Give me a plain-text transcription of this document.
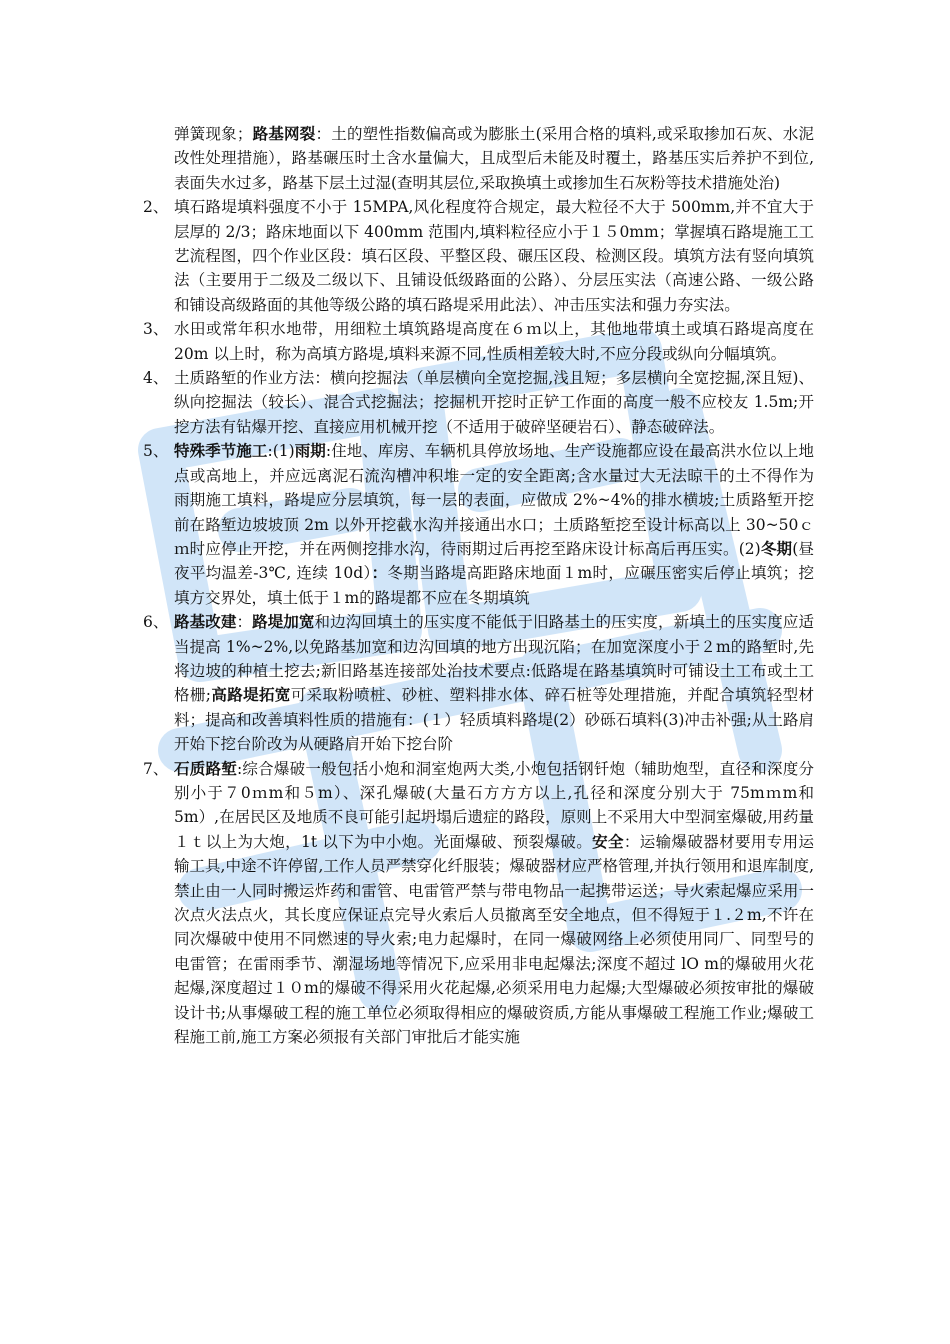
弹簧现象；路基网裂：土的塑性指数偏高或为膨胀土(采用合格的填料,或采取掺加石灰、水泥改性处理措施），路基碾压时土含水量偏大，且成型后未能及时覆土，路基压实后养护不到位,表面失水过多，路基下层土过湿(查明其层位,采取换填土或掺加生石灰粉等技术措施处治)

2、 填石路堤填料强度不小于 15MPA,风化程度符合规定，最大粒径不大于 500mm,并不宜大于层厚的 2/3；路床地面以下 400mm 范围内,填料粒径应小于１５0mm；掌握填石路堤施工工艺流程图，四个作业区段：填石区段、平整区段、碾压区段、检测区段。填筑方法有竖向填筑法（主要用于二级及二级以下、且铺设低级路面的公路）、分层压实法（高速公路、一级公路和铺设高级路面的其他等级公路的填石路堤采用此法）、冲击压实法和强力夯实法。

3、 水田或常年积水地带，用细粒土填筑路堤高度在６ｍ以上，其他地带填土或填石路堤高度在 20m 以上时，称为高填方路堤,填料来源不同,性质相差较大时,不应分段或纵向分幅填筑。

4、 土质路堑的作业方法：横向挖掘法（单层横向全宽挖掘,浅且短；多层横向全宽挖掘,深且短)、纵向挖掘法（较长）、混合式挖掘法；挖掘机开挖时正铲工作面的高度一般不应校友 1.5m;开挖方法有钻爆开挖、直接应用机械开挖（不适用于破碎坚硬岩石）、静态破碎法。

5、 特殊季节施工:(1)雨期:住地、库房、车辆机具停放场地、生产设施都应设在最高洪水位以上地点或高地上，并应远离泥石流沟槽冲积堆一定的安全距离;含水量过大无法晾干的土不得作为雨期施工填料，路堤应分层填筑，每一层的表面，应做成 2%~4%的排水横坡;土质路堑开挖前在路堑边坡坡顶 2m 以外开挖截水沟并接通出水口；土质路堑挖至设计标高以上 30~50ｃｍ时应停止开挖，并在两侧挖排水沟，待雨期过后再挖至路床设计标高后再压实。(2)冬期(昼夜平均温差-3℃, 连续 10d）：冬期当路堤高距路床地面１m时，应碾压密实后停止填筑；挖填方交界处，填土低于１m的路堤都不应在冬期填筑

6、 路基改建：路堤加宽和边沟回填土的压实度不能低于旧路基土的压实度，新填土的压实度应适当提高 1%~2%,以免路基加宽和边沟回填的地方出现沉陷；在加宽深度小于２m的路堑时,先将边坡的种植土挖去;新旧路基连接部处治技术要点:低路堤在路基填筑时可铺设土工布或土工格栅;高路堤拓宽可采取粉喷桩、砂桩、塑料排水体、碎石桩等处理措施，并配合填筑轻型材料；提高和改善填料性质的措施有：(１）轻质填料路堤(2）砂砾石填料(3)冲击补强;从土路肩开始下挖台阶改为从硬路肩开始下挖台阶

7、 石质路堑:综合爆破一般包括小炮和洞室炮两大类,小炮包括钢钎炮（辅助炮型，直径和深度分别小于７0ｍm和５m）、深孔爆破(大量石方方方以上,孔径和深度分别大于 75mｍm和 5m）,在居民区及地质不良可能引起坍塌后遗症的路段，原则上不采用大中型洞室爆破,用药量１ｔ以上为大炮，1t 以下为中小炮。光面爆破、预裂爆破。安全：运输爆破器材要用专用运输工具,中途不许停留,工作人员严禁穿化纤服装；爆破器材应严格管理,并执行领用和退库制度,禁止由一人同时搬运炸药和雷管、电雷管严禁与带电物品一起携带运送；导火索起爆应采用一次点火法点火，其长度应保证点完导火索后人员撤离至安全地点，但不得短于１.２m,不许在同次爆破中使用不同燃速的导火索;电力起爆时，在同一爆破网络上必须使用同厂、同型号的电雷管；在雷雨季节、潮湿场地等情况下,应采用非电起爆法;深度不超过 lO m的爆破用火花起爆,深度超过１０m的爆破不得采用火花起爆,必须采用电力起爆;大型爆破必须按审批的爆破设计书;从事爆破工程的施工单位必须取得相应的爆破资质,方能从事爆破工程施工作业;爆破工程施工前,施工方案必须报有关部门审批后才能实施
